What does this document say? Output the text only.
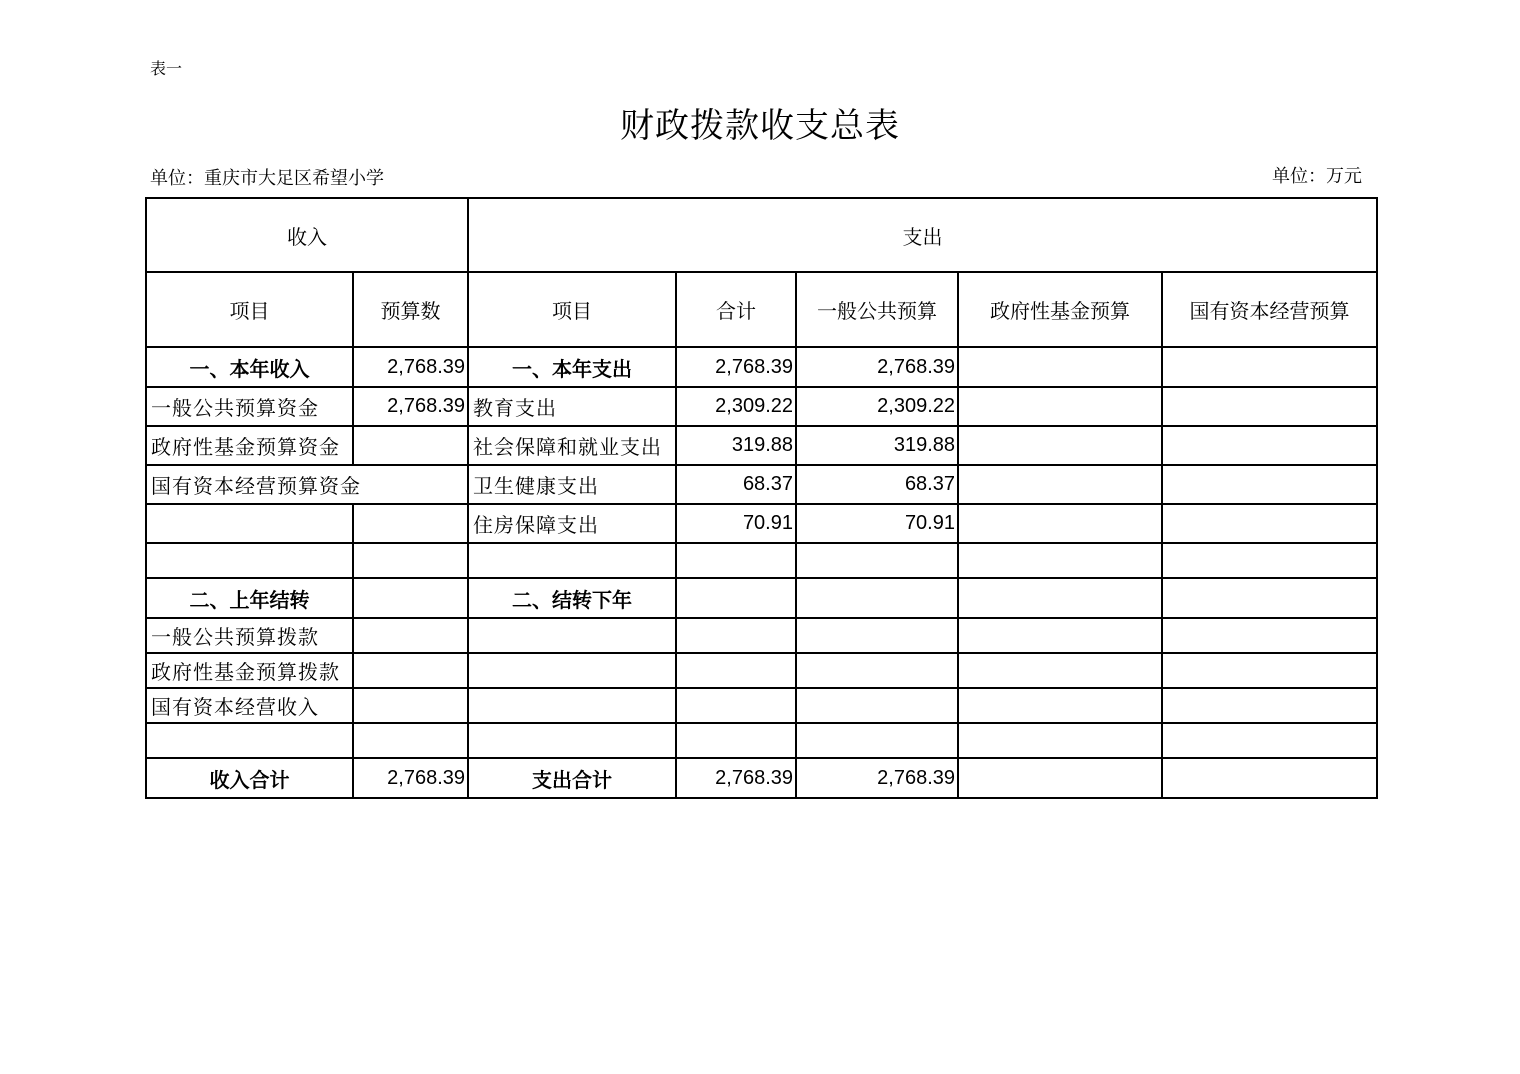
表一
财政拨款收支总表
单位：重庆市大足区希望小学	单位：万元
收入		支出				
项目	预算数	项目	合计	一般公共预算	政府性基金预算	国有资本经营预算
一、本年收入	2,768.39	一、本年支出	2,768.39	2,768.39		
一般公共预算资金	2,768.39	教育支出	2,309.22	2,309.22		
政府性基金预算资金		社会保障和就业支出	319.88	319.88		
国有资本经营预算资金		卫生健康支出	68.37	68.37		
		住房保障支出	70.91	70.91		

二、上年结转		二、结转下年				
一般公共预算拨款						
政府性基金预算拨款						
国有资本经营收入						

收入合计	2,768.39	支出合计	2,768.39	2,768.39		
